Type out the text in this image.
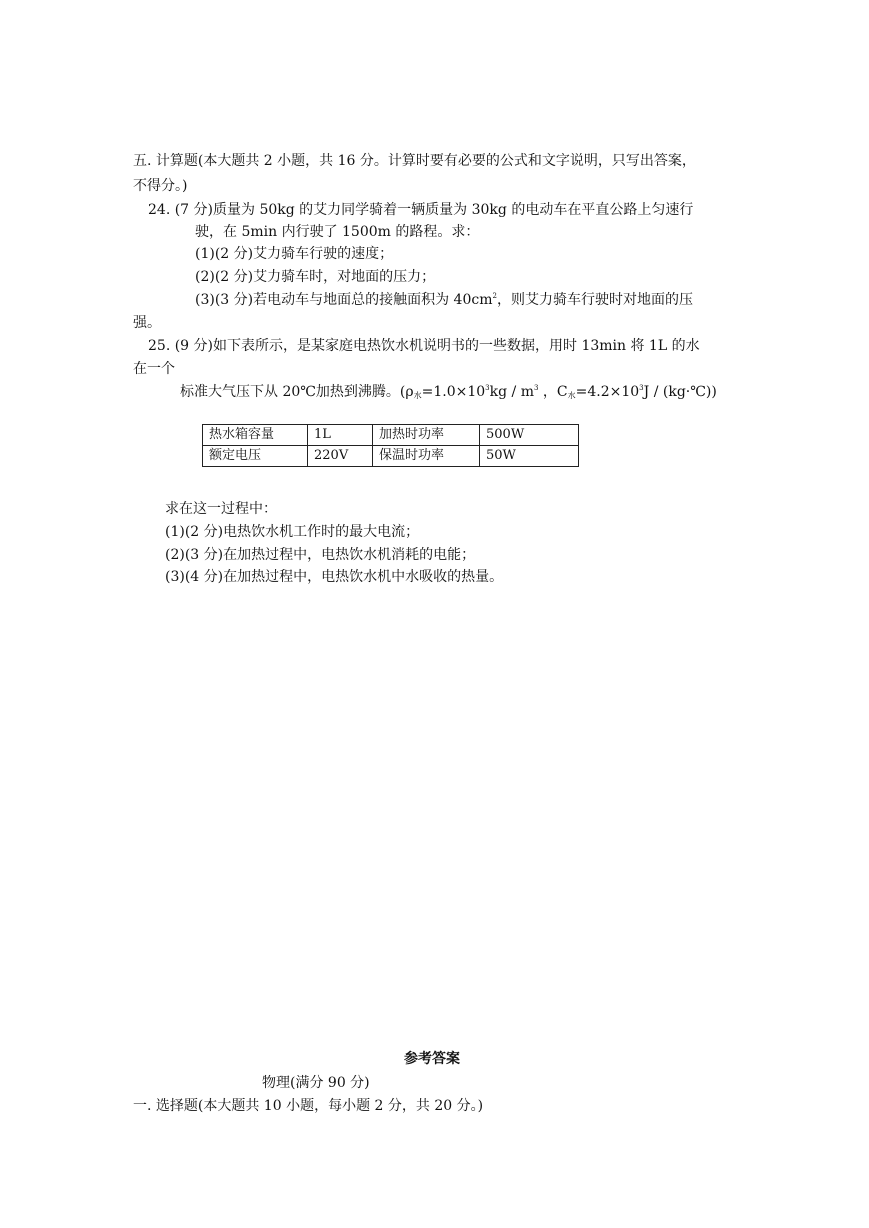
五. 计算题(本大题共 2 小题，共 16 分。计算时要有必要的公式和文字说明，只写出答案，
不得分。)
24. (7 分)质量为 50kg 的艾力同学骑着一辆质量为 30kg 的电动车在平直公路上匀速行
驶，在 5min 内行驶了 1500m 的路程。求：
(1)(2 分)艾力骑车行驶的速度；
(2)(2 分)艾力骑车时，对地面的压力；
(3)(3 分)若电动车与地面总的接触面积为 $40cm^2$，则艾力骑车行驶时对地面的压
强。
25. (9 分)如下表所示，是某家庭电热饮水机说明书的一些数据，用时 13min 将 1L 的水
在一个
标准大气压下从 20℃加热到沸腾。($\rho_水=1.0\times 10^3kg / m^3$ ，$C_水=4.2\times 10^3J$ / (kg·℃))
热水箱容量	1L	加热时功率	500W
额定电压	220V	保温时功率	50W
求在这一过程中：
(1)(2 分)电热饮水机工作时的最大电流；
(2)(3 分)在加热过程中，电热饮水机消耗的电能；
(3)(4 分)在加热过程中，电热饮水机中水吸收的热量。
参考答案
物理(满分 90 分)
一. 选择题(本大题共 10 小题，每小题 2 分，共 20 分。)
